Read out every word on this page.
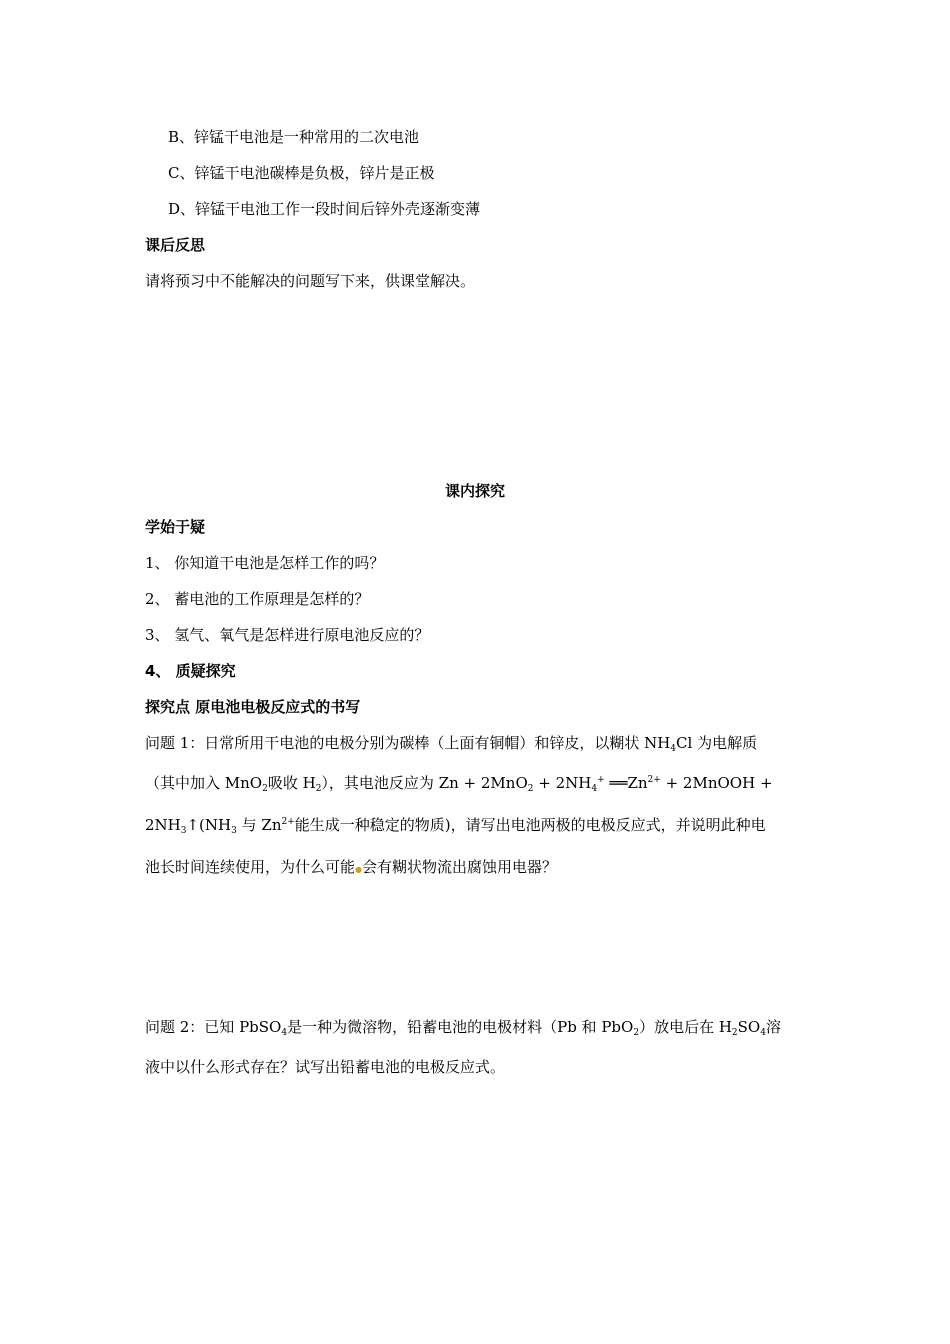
B、锌锰干电池是一种常用的二次电池
C、锌锰干电池碳棒是负极，锌片是正极
D、锌锰干电池工作一段时间后锌外壳逐渐变薄
课后反思
请将预习中不能解决的问题写下来，供课堂解决。
课内探究
学始于疑
1、 你知道干电池是怎样工作的吗？
2、 蓄电池的工作原理是怎样的？
3、 氢气、氧气是怎样进行原电池反应的？
4、 质疑探究
探究点 原电池电极反应式的书写
问题 1：日常所用干电池的电极分别为碳棒（上面有铜帽）和锌皮，以糊状 $NH_4Cl$ 为电解质
（其中加入 MnO$_2$吸收 $H_2$），其电池反应为 $Zn + 2MnO_2 + 2NH_4^+$ $══Zn^{2+}$ + 2MnOOH +
$2NH_3↑(NH_3$ 与 $Zn^{2+}$能生成一种稳定的物质)，请写出电池两极的电极反应式，并说明此种电
池长时间连续使用，为什么可能●会有糊状物流出腐蚀用电器？
问题 2：已知 PbSO$_4$是一种为微溶物，铅蓄电池的电极材料（Pb 和 PbO$_2$）放电后在 $H_2SO_4$溶
液中以什么形式存在？试写出铅蓄电池的电极反应式。
